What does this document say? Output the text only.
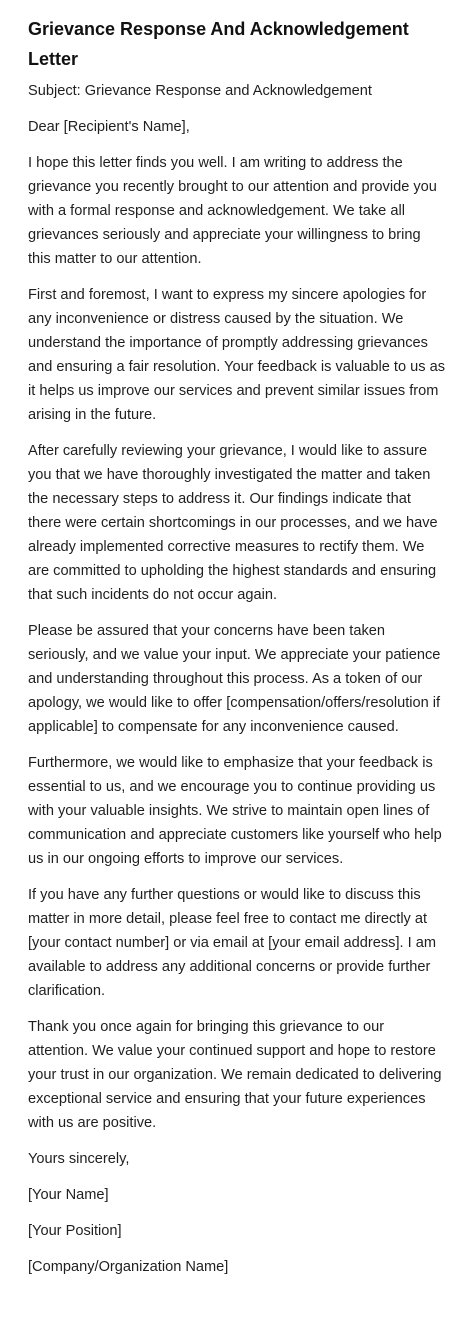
Grievance Response And Acknowledgement Letter

Subject: Grievance Response and Acknowledgement

Dear [Recipient's Name],

I hope this letter finds you well. I am writing to address the grievance you recently brought to our attention and provide you with a formal response and acknowledgement. We take all grievances seriously and appreciate your willingness to bring this matter to our attention.

First and foremost, I want to express my sincere apologies for any inconvenience or distress caused by the situation. We understand the importance of promptly addressing grievances and ensuring a fair resolution. Your feedback is valuable to us as it helps us improve our services and prevent similar issues from arising in the future.

After carefully reviewing your grievance, I would like to assure you that we have thoroughly investigated the matter and taken the necessary steps to address it. Our findings indicate that there were certain shortcomings in our processes, and we have already implemented corrective measures to rectify them. We are committed to upholding the highest standards and ensuring that such incidents do not occur again.

Please be assured that your concerns have been taken seriously, and we value your input. We appreciate your patience and understanding throughout this process. As a token of our apology, we would like to offer [compensation/offers/resolution if applicable] to compensate for any inconvenience caused.

Furthermore, we would like to emphasize that your feedback is essential to us, and we encourage you to continue providing us with your valuable insights. We strive to maintain open lines of communication and appreciate customers like yourself who help us in our ongoing efforts to improve our services.

If you have any further questions or would like to discuss this matter in more detail, please feel free to contact me directly at [your contact number] or via email at [your email address]. I am available to address any additional concerns or provide further clarification.

Thank you once again for bringing this grievance to our attention. We value your continued support and hope to restore your trust in our organization. We remain dedicated to delivering exceptional service and ensuring that your future experiences with us are positive.

Yours sincerely,

[Your Name]

[Your Position]

[Company/Organization Name]
